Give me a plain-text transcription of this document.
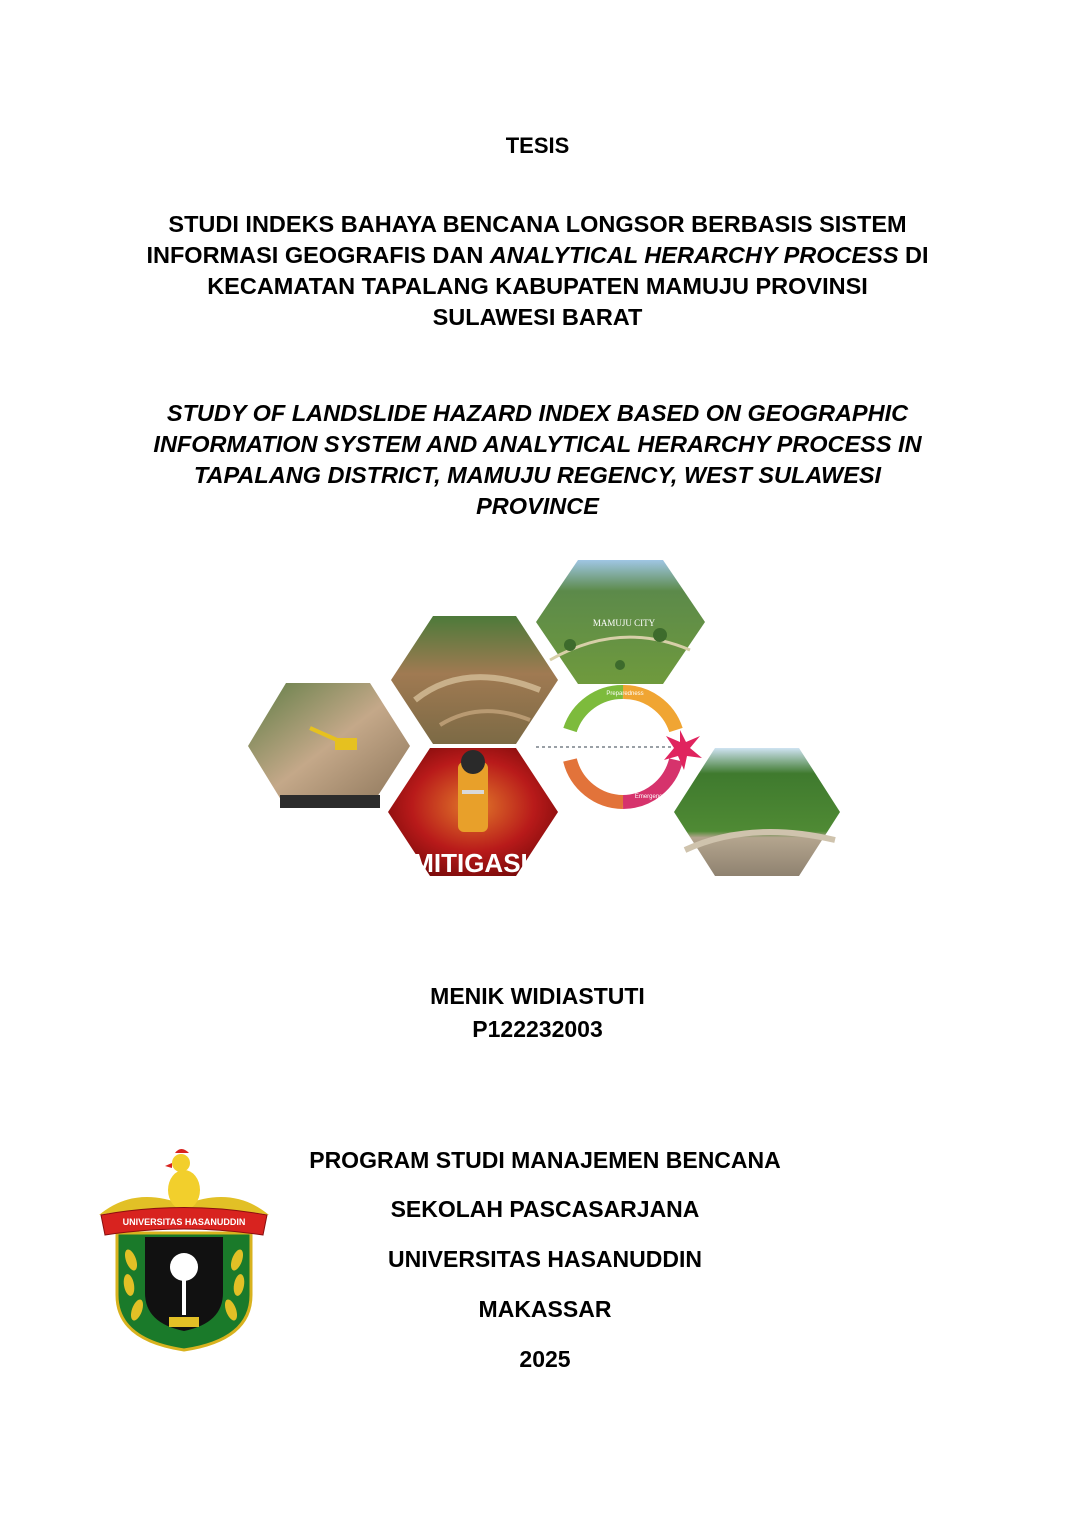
TESIS
STUDI INDEKS BAHAYA BENCANA LONGSOR BERBASIS SISTEM
INFORMASI GEOGRAFIS DAN ANALYTICAL HERARCHY PROCESS DI
KECAMATAN TAPALANG KABUPATEN MAMUJU PROVINSI
SULAWESI BARAT
STUDY OF LANDSLIDE HAZARD INDEX BASED ON GEOGRAPHIC
INFORMATION SYSTEM AND ANALYTICAL HERARCHY PROCESS IN
TAPALANG DISTRICT, MAMUJU REGENCY, WEST SULAWESI
PROVINCE
MAMUJU CITY
Preparedness
Emergency
MITIGASI
MENIK WIDIASTUTI
P122232003
UNIVERSITAS HASANUDDIN
PROGRAM STUDI MANAJEMEN BENCANA
SEKOLAH PASCASARJANA
UNIVERSITAS HASANUDDIN
MAKASSAR
2025
